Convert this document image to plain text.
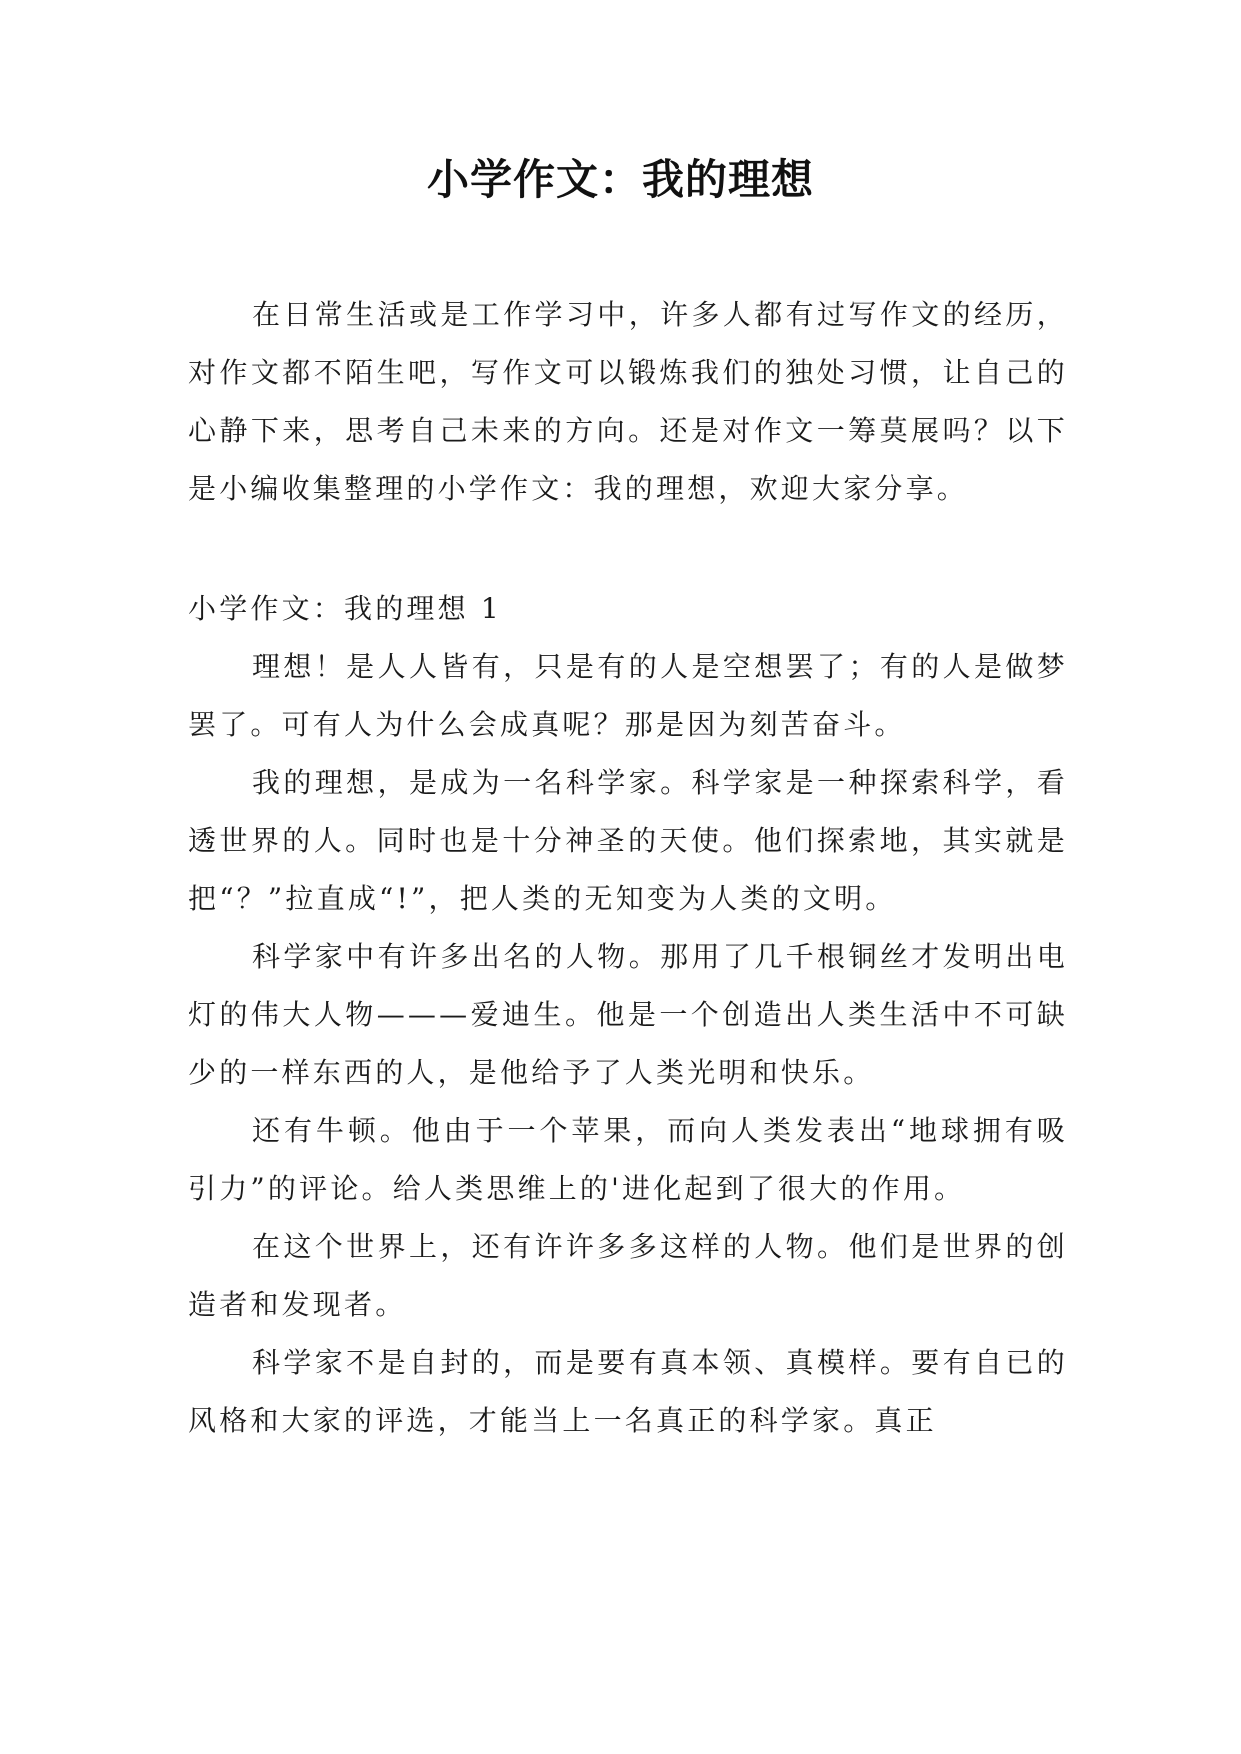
小学作文：我的理想

在日常生活或是工作学习中，许多人都有过写作文的经历，对作文都不陌生吧，写作文可以锻炼我们的独处习惯，让自己的心静下来，思考自己未来的方向。还是对作文一筹莫展吗？以下是小编收集整理的小学作文：我的理想，欢迎大家分享。

小学作文：我的理想 1

理想！是人人皆有，只是有的人是空想罢了；有的人是做梦罢了。可有人为什么会成真呢？那是因为刻苦奋斗。

我的理想，是成为一名科学家。科学家是一种探索科学，看透世界的人。同时也是十分神圣的天使。他们探索地，其实就是把“？”拉直成“!”，把人类的无知变为人类的文明。

科学家中有许多出名的人物。那用了几千根铜丝才发明出电灯的伟大人物———爱迪生。他是一个创造出人类生活中不可缺少的一样东西的人，是他给予了人类光明和快乐。

还有牛顿。他由于一个苹果，而向人类发表出“地球拥有吸引力”的评论。给人类思维上的'进化起到了很大的作用。

在这个世界上，还有许许多多这样的人物。他们是世界的创造者和发现者。

科学家不是自封的，而是要有真本领、真模样。要有自已的风格和大家的评选，才能当上一名真正的科学家。真正
